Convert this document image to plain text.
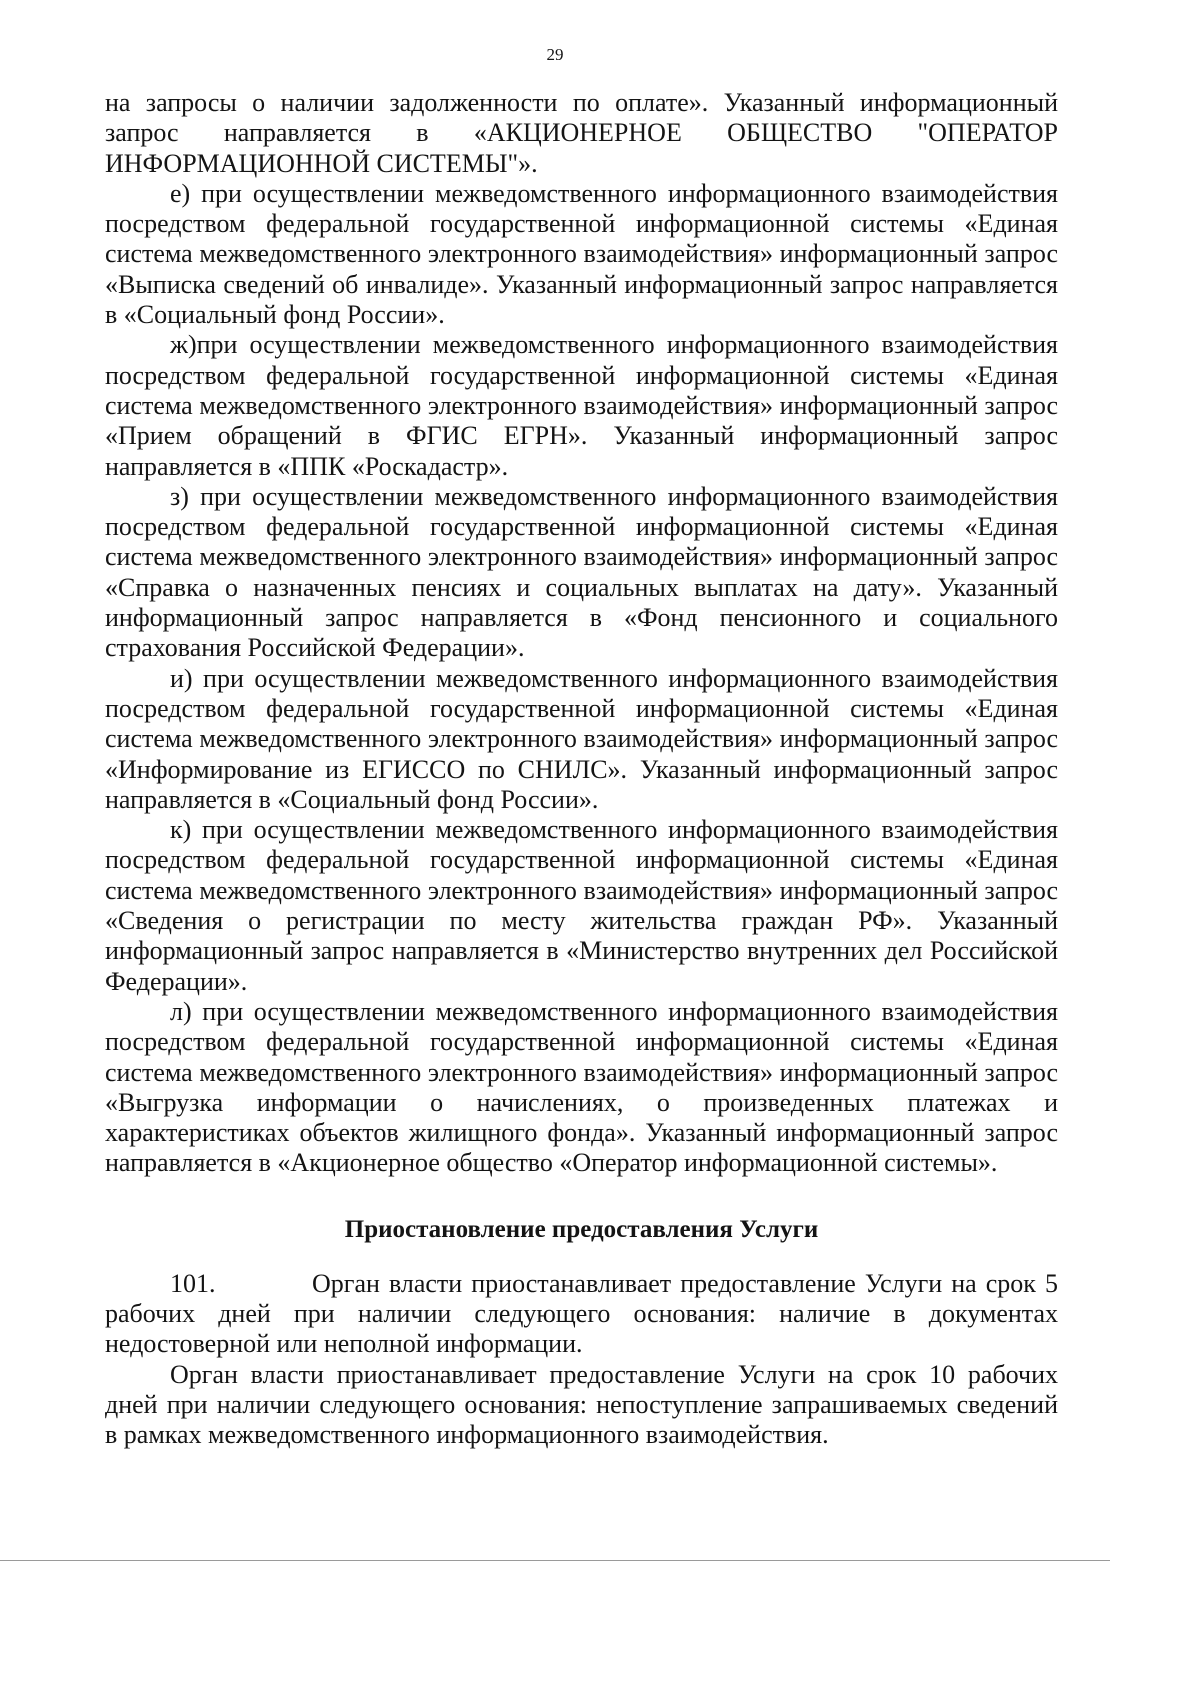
29

на запросы о наличии задолженности по оплате». Указанный информационный запрос направляется в «АКЦИОНЕРНОЕ ОБЩЕСТВО "ОПЕРАТОР ИНФОРМАЦИОННОЙ СИСТЕМЫ"».

е) при осуществлении межведомственного информационного взаимодействия посредством федеральной государственной информационной системы «Единая система межведомственного электронного взаимодействия» информационный запрос «Выписка сведений об инвалиде». Указанный информационный запрос направляется в «Социальный фонд России».

ж)при осуществлении межведомственного информационного взаимодействия посредством федеральной государственной информационной системы «Единая система межведомственного электронного взаимодействия» информационный запрос «Прием обращений в ФГИС ЕГРН». Указанный информационный запрос направляется в «ППК «Роскадастр».

з) при осуществлении межведомственного информационного взаимодействия посредством федеральной государственной информационной системы «Единая система межведомственного электронного взаимодействия» информационный запрос «Справка о назначенных пенсиях и социальных выплатах на дату». Указанный информационный запрос направляется в «Фонд пенсионного и социального страхования Российской Федерации».

и) при осуществлении межведомственного информационного взаимодействия посредством федеральной государственной информационной системы «Единая система межведомственного электронного взаимодействия» информационный запрос «Информирование из ЕГИССО по СНИЛС». Указанный информационный запрос направляется в «Социальный фонд России».

к) при осуществлении межведомственного информационного взаимодействия посредством федеральной государственной информационной системы «Единая система межведомственного электронного взаимодействия» информационный запрос «Сведения о регистрации по месту жительства граждан РФ». Указанный информационный запрос направляется в «Министерство внутренних дел Российской Федерации».

л) при осуществлении межведомственного информационного взаимодействия посредством федеральной государственной информационной системы «Единая система межведомственного электронного взаимодействия» информационный запрос «Выгрузка информации о начислениях, о произведенных платежах и характеристиках объектов жилищного фонда». Указанный информационный запрос направляется в «Акционерное общество «Оператор информационной системы».

Приостановление предоставления Услуги

101.	Орган власти приостанавливает предоставление Услуги на срок 5 рабочих дней при наличии следующего основания: наличие в документах недостоверной или неполной информации.

Орган власти приостанавливает предоставление Услуги на срок 10 рабочих дней при наличии следующего основания: непоступление запрашиваемых сведений в рамках межведомственного информационного взаимодействия.
